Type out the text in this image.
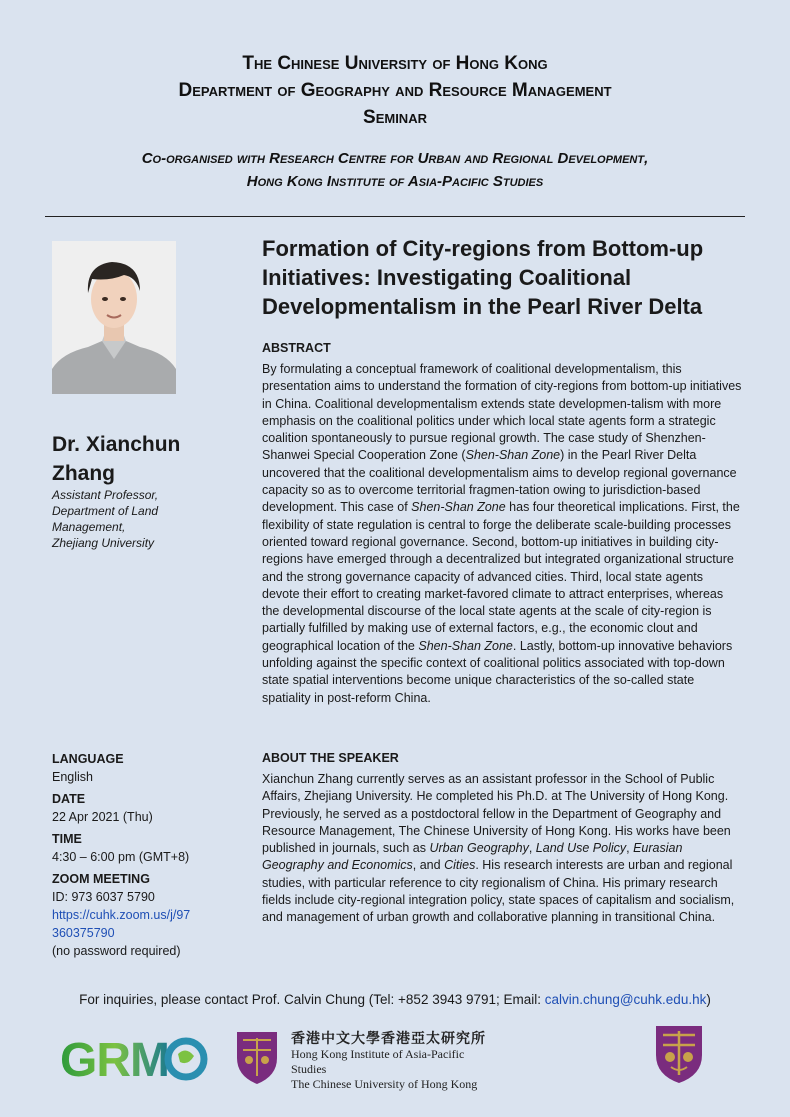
The Chinese University of Hong Kong
Department of Geography and Resource Management
Seminar
Co-organised with Research Centre for Urban and Regional Development,
Hong Kong Institute of Asia-Pacific Studies
Dr. Xianchun
Zhang
Assistant Professor,
Department of Land
Management,
Zhejiang University
Formation of City-regions from Bottom-up Initiatives: Investigating Coalitional Developmentalism in the Pearl River Delta
ABSTRACT

By formulating a conceptual framework of coalitional developmentalism, this presentation aims to understand the formation of city-regions from bottom-up initiatives in China. Coalitional developmentalism extends state developmen-talism with more emphasis on the coalitional politics under which local state agents form a strategic coalition spontaneously to pursue regional growth. The case study of Shenzhen-Shanwei Special Cooperation Zone (Shen-Shan Zone) in the Pearl River Delta uncovered that the coalitional developmentalism aims to develop regional governance capacity so as to overcome territorial fragmen-tation owing to jurisdiction-based development. This case of Shen-Shan Zone has four theoretical implications. First, the flexibility of state regulation is central to forge the deliberate scale-building processes oriented toward regional governance. Second, bottom-up initiatives in building city-regions have emerged through a decentralized but integrated organizational structure and the strong governance capacity of advanced cities. Third, local state agents devote their effort to creating market-favored climate to attract enterprises, whereas the developmental discourse of the local state agents at the scale of city-region is partially fulfilled by making use of external factors, e.g., the economic clout and geographical location of the Shen-Shan Zone. Lastly, bottom-up innovative behaviors unfolding against the specific context of coalitional politics associated with top-down state spatial interventions become unique characteristics of the so-called state spatiality in post-reform China.

LANGUAGE
English
DATE
22 Apr 2021 (Thu)
TIME
4:30 – 6:00 pm (GMT+8)
ZOOM MEETING
ID: 973 6037 5790
https://cuhk.zoom.us/j/97
360375790
(no password required)
ABOUT THE SPEAKER

Xianchun Zhang currently serves as an assistant professor in the School of Public Affairs, Zhejiang University. He completed his Ph.D. at The University of Hong Kong. Previously, he served as a postdoctoral fellow in the Department of Geography and Resource Management, The Chinese University of Hong Kong. His works have been published in journals, such as Urban Geography, Land Use Policy, Eurasian Geography and Economics, and Cities. His research interests are urban and regional studies, with particular reference to city regionalism of China. His primary research fields include city-regional integration policy, state spaces of capitalism and socialism, and management of urban growth and collaborative planning in transitional China.

For inquiries, please contact Prof. Calvin Chung (Tel: +852 3943 9791; Email: calvin.chung@cuhk.edu.hk)
GRM	香港中文大學香港亞太研究所
Hong Kong Institute of Asia-Pacific Studies
The Chinese University of Hong Kong
